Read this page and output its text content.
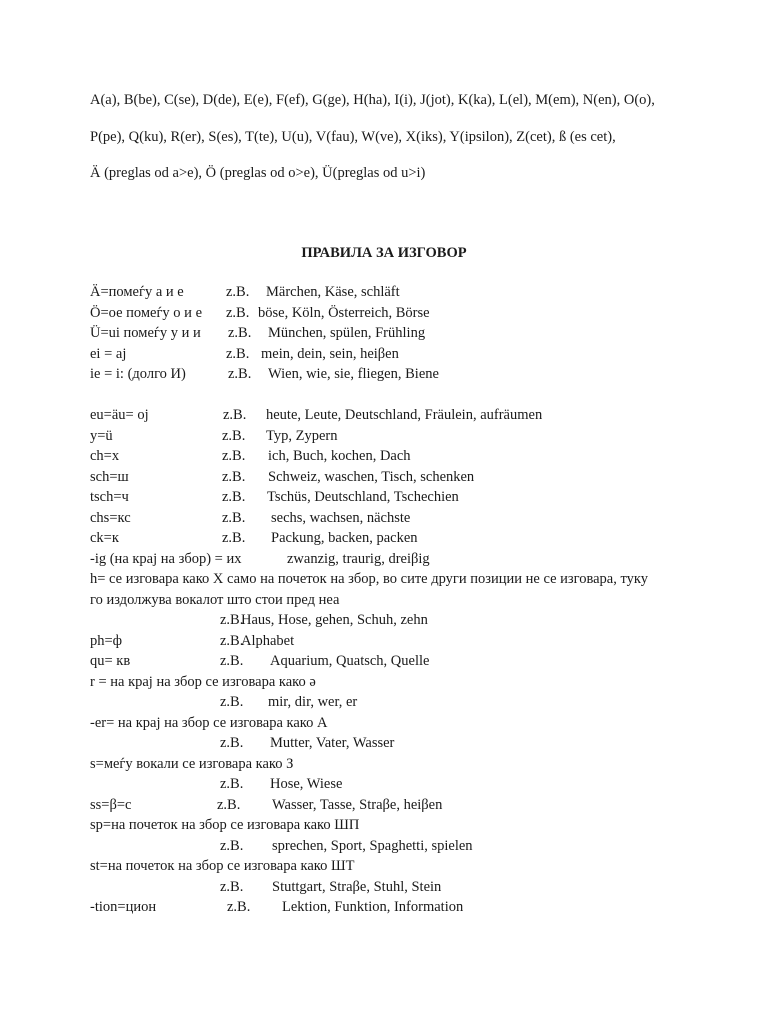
A(a), B(be), C(se), D(de), E(e), F(ef), G(ge), H(ha), I(i), J(jot), K(ka), L(el), M(em), N(en), O(o),
P(pe), Q(ku), R(er), S(es), T(te), U(u), V(fau), W(ve), X(iks), Y(ipsilon), Z(cet), ß (es cet),
Ä (preglas od a>e), Ö (preglas od o>e), Ü(preglas od u>i)
ПРАВИЛА ЗА ИЗГОВОР
Ä=помеѓу а и е	z.B. Märchen, Käse, schläft
Ö=ое помеѓу о и е z.B. böse, Köln, Österreich, Börse
Ü=ui помеѓу у и и z.B. München, spülen, Frühling
ei = aj	z.B. mein, dein, sein, heiβen
ie = i: (долго И)	z.B. Wien, wie, sie, fliegen, Biene
eu=äu= oj	z.B. heute, Leute, Deutschland, Fräulein, aufräumen
y=ü	z.B. Typ, Zypern
ch=х	z.B. ich, Buch, kochen, Dach
sch=ш	z.B. Schweiz, waschen, Tisch, schenken
tsch=ч	z.B. Tschüs, Deutschland, Tschechien
chs=кс	z.B. sechs, wachsen, nächste
ck=к	z.B. Packung, backen, packen
-ig (на крај на збор) = их	zwanzig, traurig, dreiβig
h= се изговара како Х само на почеток на збор, во сите други позиции не се изговара, туку
го издолжува вокалот што стои пред неа
z.B.
Haus, Hose, gehen, Schuh, zehn
ph=ф	z.B.
Alphabet
qu= кв	z.B. Aquarium, Quatsch, Quelle
r = на крај на збор се изговара како ə
z.B. mir, dir, wer, er
-er= на крај на збор се изговара како А
z.B. Mutter, Vater, Wasser
s=меѓу вокали се изговара како З
z.B. Hose, Wiese
ss=β=с	z.B. Wasser, Tasse, Straβe, heiβen
sp=на почеток на збор се изговара како ШП
z.B. sprechen, Sport, Spaghetti, spielen
st=на почеток на збор се изговара како ШТ
z.B. Stuttgart, Straβe, Stuhl, Stein
-tion=цион	z.B. Lektion, Funktion, Information
